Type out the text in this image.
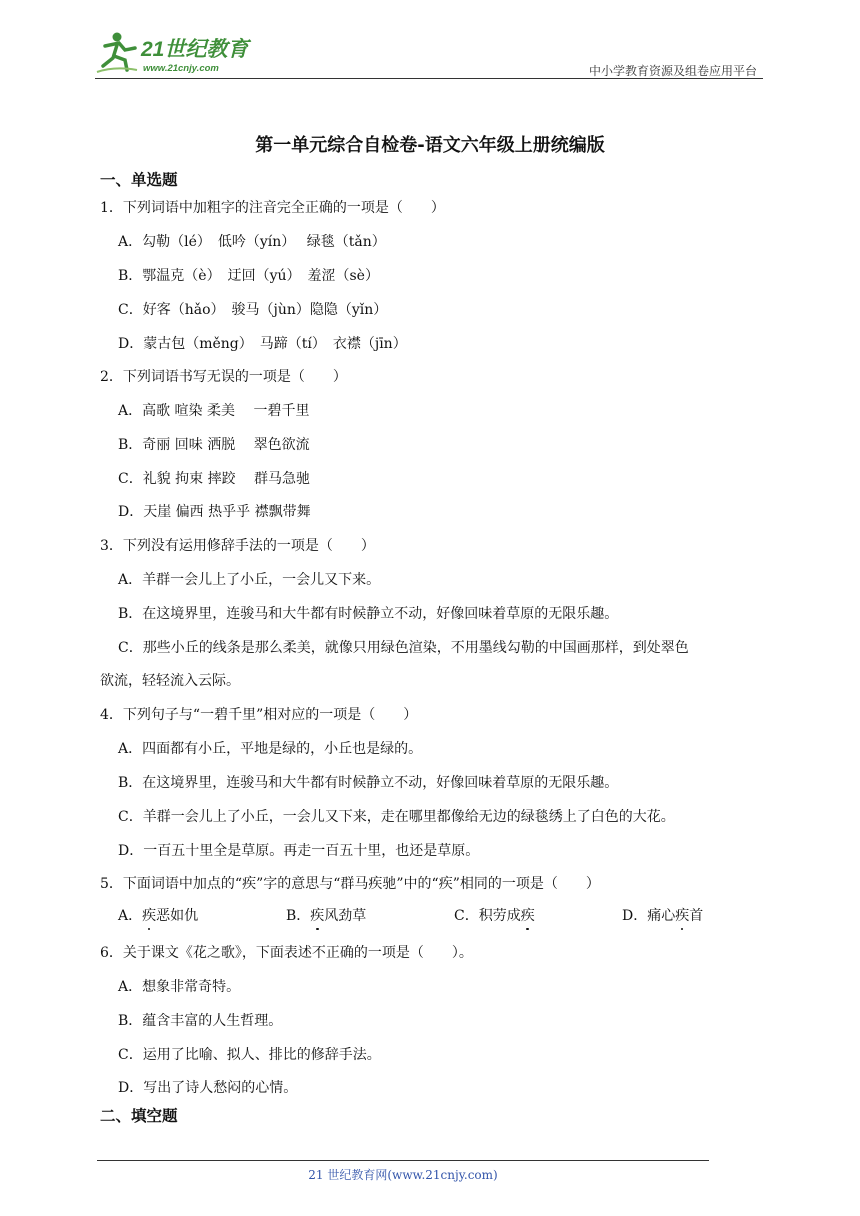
21世纪教育
www.21cnjy.com	中小学教育资源及组卷应用平台
第一单元综合自检卷-语文六年级上册统编版
一、单选题
1．下列词语中加粗字的注音完全正确的一项是（　　）
A．勾勒（lé）　低吟（yín）　 绿毯（tǎn）
B．鄂温克（è）　迂回（yú）　羞涩（sè）
C．好客（hǎo）　骏马（jùn）隐隐（yǐn）
D．蒙古包（měng）　马蹄（tí）　衣襟（jīn）
2．下列词语书写无误的一项是（　　）
A．高歌 喧染 柔美　 一碧千里
B．奇丽 回味 洒脱　 翠色欲流
C．礼貌 拘束 摔跤　 群马急驰
D．天崖 偏西 热乎乎 襟飘带舞
3．下列没有运用修辞手法的一项是（　　）
A．羊群一会儿上了小丘，一会儿又下来。
B．在这境界里，连骏马和大牛都有时候静立不动，好像回味着草原的无限乐趣。
C．那些小丘的线条是那么柔美，就像只用绿色渲染，不用墨线勾勒的中国画那样，到处翠色
欲流，轻轻流入云际。
4．下列句子与“一碧千里”相对应的一项是（　　）
A．四面都有小丘，平地是绿的，小丘也是绿的。
B．在这境界里，连骏马和大牛都有时候静立不动，好像回味着草原的无限乐趣。
C．羊群一会儿上了小丘，一会儿又下来，走在哪里都像给无边的绿毯绣上了白色的大花。
D．一百五十里全是草原。再走一百五十里，也还是草原。
5．下面词语中加点的“疾”字的意思与“群马疾驰”中的“疾”相同的一项是（　　）
A．疾恶如仇	B．疾风劲草	C．积劳成疾	D．痛心疾首
6．关于课文《花之歌》，下面表述不正确的一项是（　　）。
A．想象非常奇特。
B．蕴含丰富的人生哲理。
C．运用了比喻、拟人、排比的修辞手法。
D．写出了诗人愁闷的心情。
二、填空题
21 世纪教育网(www.21cnjy.com)
